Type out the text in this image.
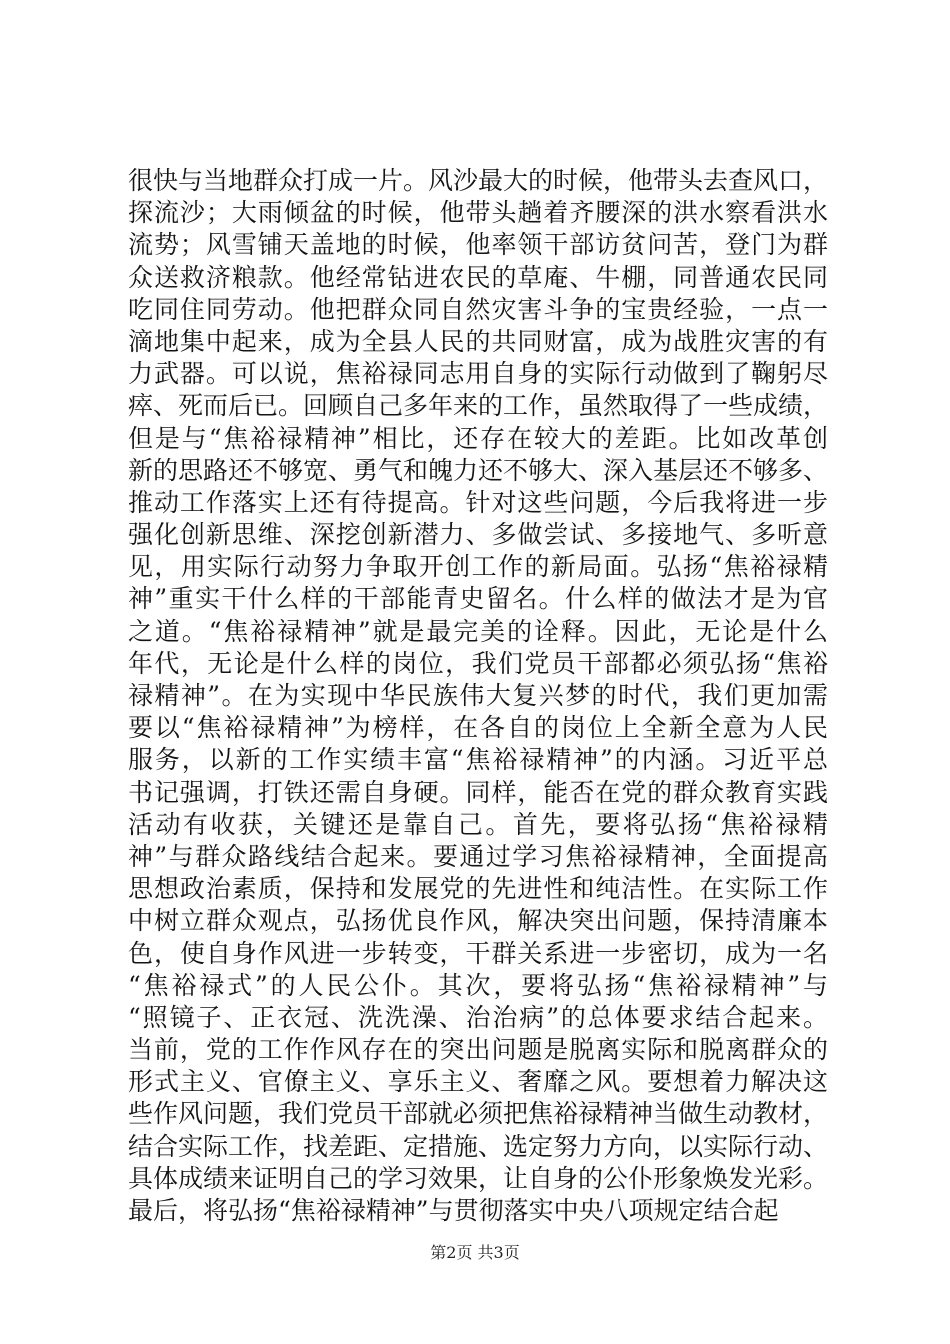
很快与当地群众打成一片。风沙最大的时候，他带头去查风口，
探流沙；大雨倾盆的时候，他带头趟着齐腰深的洪水察看洪水
流势；风雪铺天盖地的时候，他率领干部访贫问苦，登门为群
众送救济粮款。他经常钻进农民的草庵、牛棚，同普通农民同
吃同住同劳动。他把群众同自然灾害斗争的宝贵经验，一点一
滴地集中起来，成为全县人民的共同财富，成为战胜灾害的有
力武器。可以说，焦裕禄同志用自身的实际行动做到了鞠躬尽
瘁、死而后已。回顾自己多年来的工作，虽然取得了一些成绩，
但是与“焦裕禄精神”相比，还存在较大的差距。比如改革创
新的思路还不够宽、勇气和魄力还不够大、深入基层还不够多、
推动工作落实上还有待提高。针对这些问题，今后我将进一步
强化创新思维、深挖创新潜力、多做尝试、多接地气、多听意
见，用实际行动努力争取开创工作的新局面。弘扬“焦裕禄精
神”重实干什么样的干部能青史留名。什么样的做法才是为官
之道。“焦裕禄精神”就是最完美的诠释。因此，无论是什么
年代，无论是什么样的岗位，我们党员干部都必须弘扬“焦裕
禄精神”。在为实现中华民族伟大复兴梦的时代，我们更加需
要以“焦裕禄精神”为榜样，在各自的岗位上全新全意为人民
服务，以新的工作实绩丰富“焦裕禄精神”的内涵。习近平总
书记强调，打铁还需自身硬。同样，能否在党的群众教育实践
活动有收获，关键还是靠自己。首先，要将弘扬“焦裕禄精
神”与群众路线结合起来。要通过学习焦裕禄精神，全面提高
思想政治素质，保持和发展党的先进性和纯洁性。在实际工作
中树立群众观点，弘扬优良作风，解决突出问题，保持清廉本
色，使自身作风进一步转变，干群关系进一步密切，成为一名
“焦裕禄式”的人民公仆。其次，要将弘扬“焦裕禄精神”与
“照镜子、正衣冠、洗洗澡、治治病”的总体要求结合起来。
当前，党的工作作风存在的突出问题是脱离实际和脱离群众的
形式主义、官僚主义、享乐主义、奢靡之风。要想着力解决这
些作风问题，我们党员干部就必须把焦裕禄精神当做生动教材，
结合实际工作，找差距、定措施、选定努力方向，以实际行动、
具体成绩来证明自己的学习效果，让自身的公仆形象焕发光彩。
最后，将弘扬“焦裕禄精神”与贯彻落实中央八项规定结合起
第2页 共3页
